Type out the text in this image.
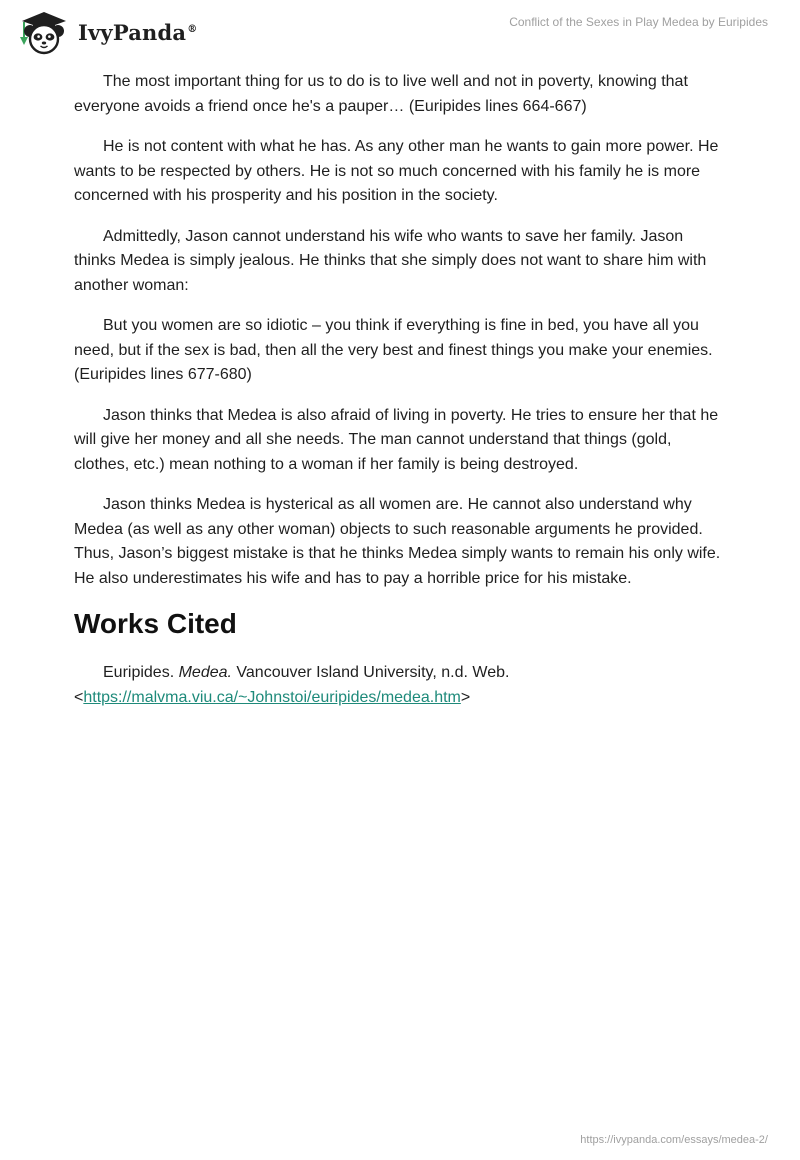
IvyPanda®	Conflict of the Sexes in Play Medea by Euripides

The most important thing for us to do is to live well and not in poverty, knowing that everyone avoids a friend once he's a pauper… (Euripides lines 664-667)

He is not content with what he has. As any other man he wants to gain more power. He wants to be respected by others. He is not so much concerned with his family he is more concerned with his prosperity and his position in the society.

Admittedly, Jason cannot understand his wife who wants to save her family. Jason thinks Medea is simply jealous. He thinks that she simply does not want to share him with another woman:

But you women are so idiotic – you think if everything is fine in bed, you have all you need, but if the sex is bad, then all the very best and finest things you make your enemies. (Euripides lines 677-680)

Jason thinks that Medea is also afraid of living in poverty. He tries to ensure her that he will give her money and all she needs. The man cannot understand that things (gold, clothes, etc.) mean nothing to a woman if her family is being destroyed.

Jason thinks Medea is hysterical as all women are. He cannot also understand why Medea (as well as any other woman) objects to such reasonable arguments he provided. Thus, Jason’s biggest mistake is that he thinks Medea simply wants to remain his only wife. He also underestimates his wife and has to pay a horrible price for his mistake.

Works Cited

Euripides. Medea. Vancouver Island University, n.d. Web.
<https://malvma.viu.ca/~Johnstoi/euripides/medea.htm>

https://ivypanda.com/essays/medea-2/
